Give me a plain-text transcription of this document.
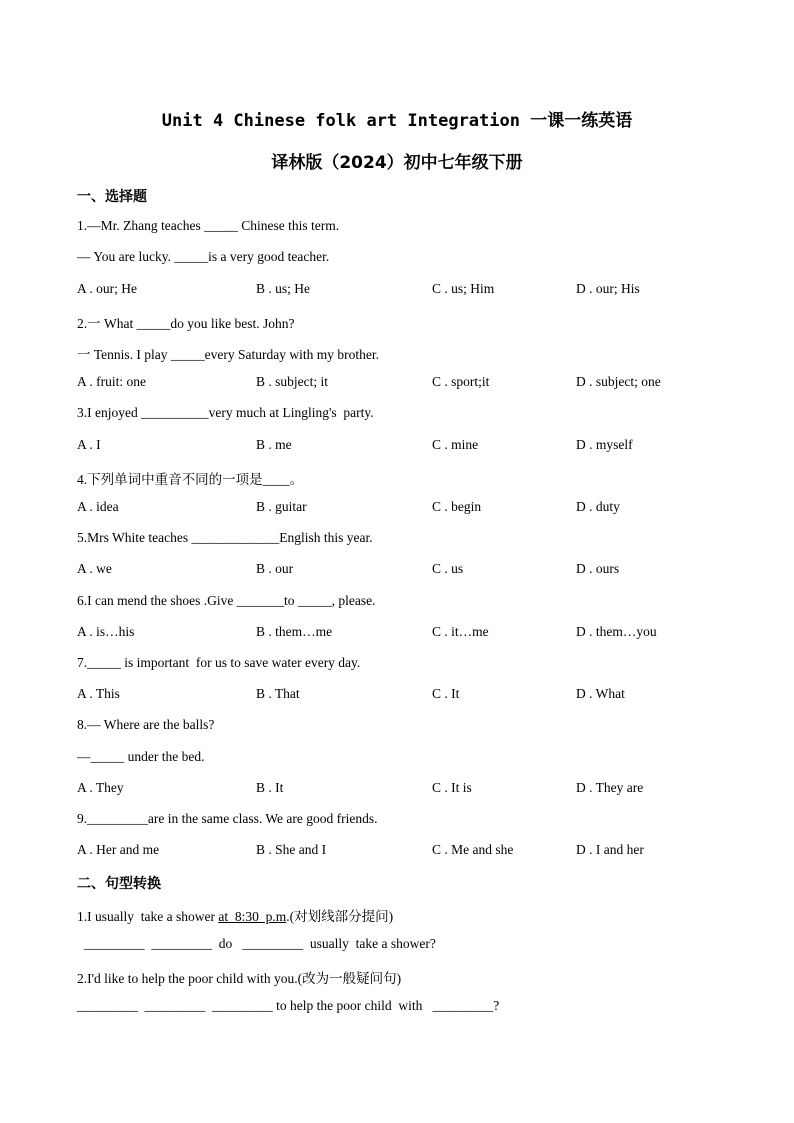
Unit 4 Chinese folk art Integration 一课一练英语
译林版（2024）初中七年级下册
一、选择题
1.—Mr. Zhang teaches _____ Chinese this term.
— You are lucky. _____is a very good teacher.
A . our; He	B . us; He	C . us; Him	D . our; His
2.一 What _____do you like best. John?
一 Tennis. I play _____every Saturday with my brother.
A . fruit: one	B . subject; it	C . sport;it	D . subject; one
3.I enjoyed __________very much at Lingling's  party.
A . I	B . me	C . mine	D . myself
4.下列单词中重音不同的一项是____。
A . idea	B . guitar	C . begin	D . duty
5.Mrs White teaches _____________English this year.
A . we	B . our	C . us	D . ours
6.I can mend the shoes .Give _______to _____, please.
A . is…his	B . them…me	C . it…me	D . them…you
7._____ is important  for us to save water every day.
A . This	B . That	C . It	D . What
8.— Where are the balls?
—_____ under the bed.
A . They	B . It	C . It is	D . They are
9._________are in the same class. We are good friends.
A . Her and me	B . She and I	C . Me and she	D . I and her
二、句型转换
1.I usually  take a shower at  8:30  p.m.(对划线部分提问)
_________  _________  do   _________  usually  take a shower?
2.I'd like to help the poor child with you.(改为一般疑问句)
_________  _________  _________ to help the poor child  with   _________?
